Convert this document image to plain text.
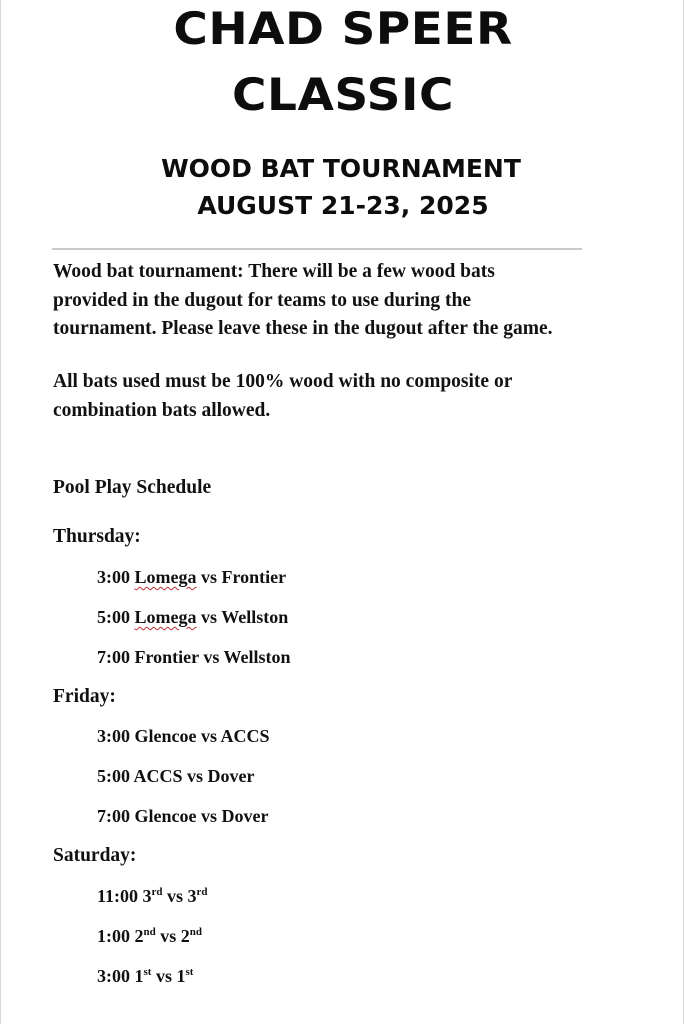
CHAD SPEER
CLASSIC
WOOD BAT TOURNAMENT
AUGUST 21-23, 2025
Wood bat tournament: There will be a few wood bats
provided in the dugout for teams to use during the
tournament. Please leave these in the dugout after the game.
All bats used must be 100% wood with no composite or
combination bats allowed.
Pool Play Schedule
Thursday:
3:00 Lomega vs Frontier
5:00 Lomega vs Wellston
7:00 Frontier vs Wellston
Friday:
3:00 Glencoe vs ACCS
5:00 ACCS vs Dover
7:00 Glencoe vs Dover
Saturday:
11:00 3rd vs 3rd
1:00 2nd vs 2nd
3:00 1st vs 1st
